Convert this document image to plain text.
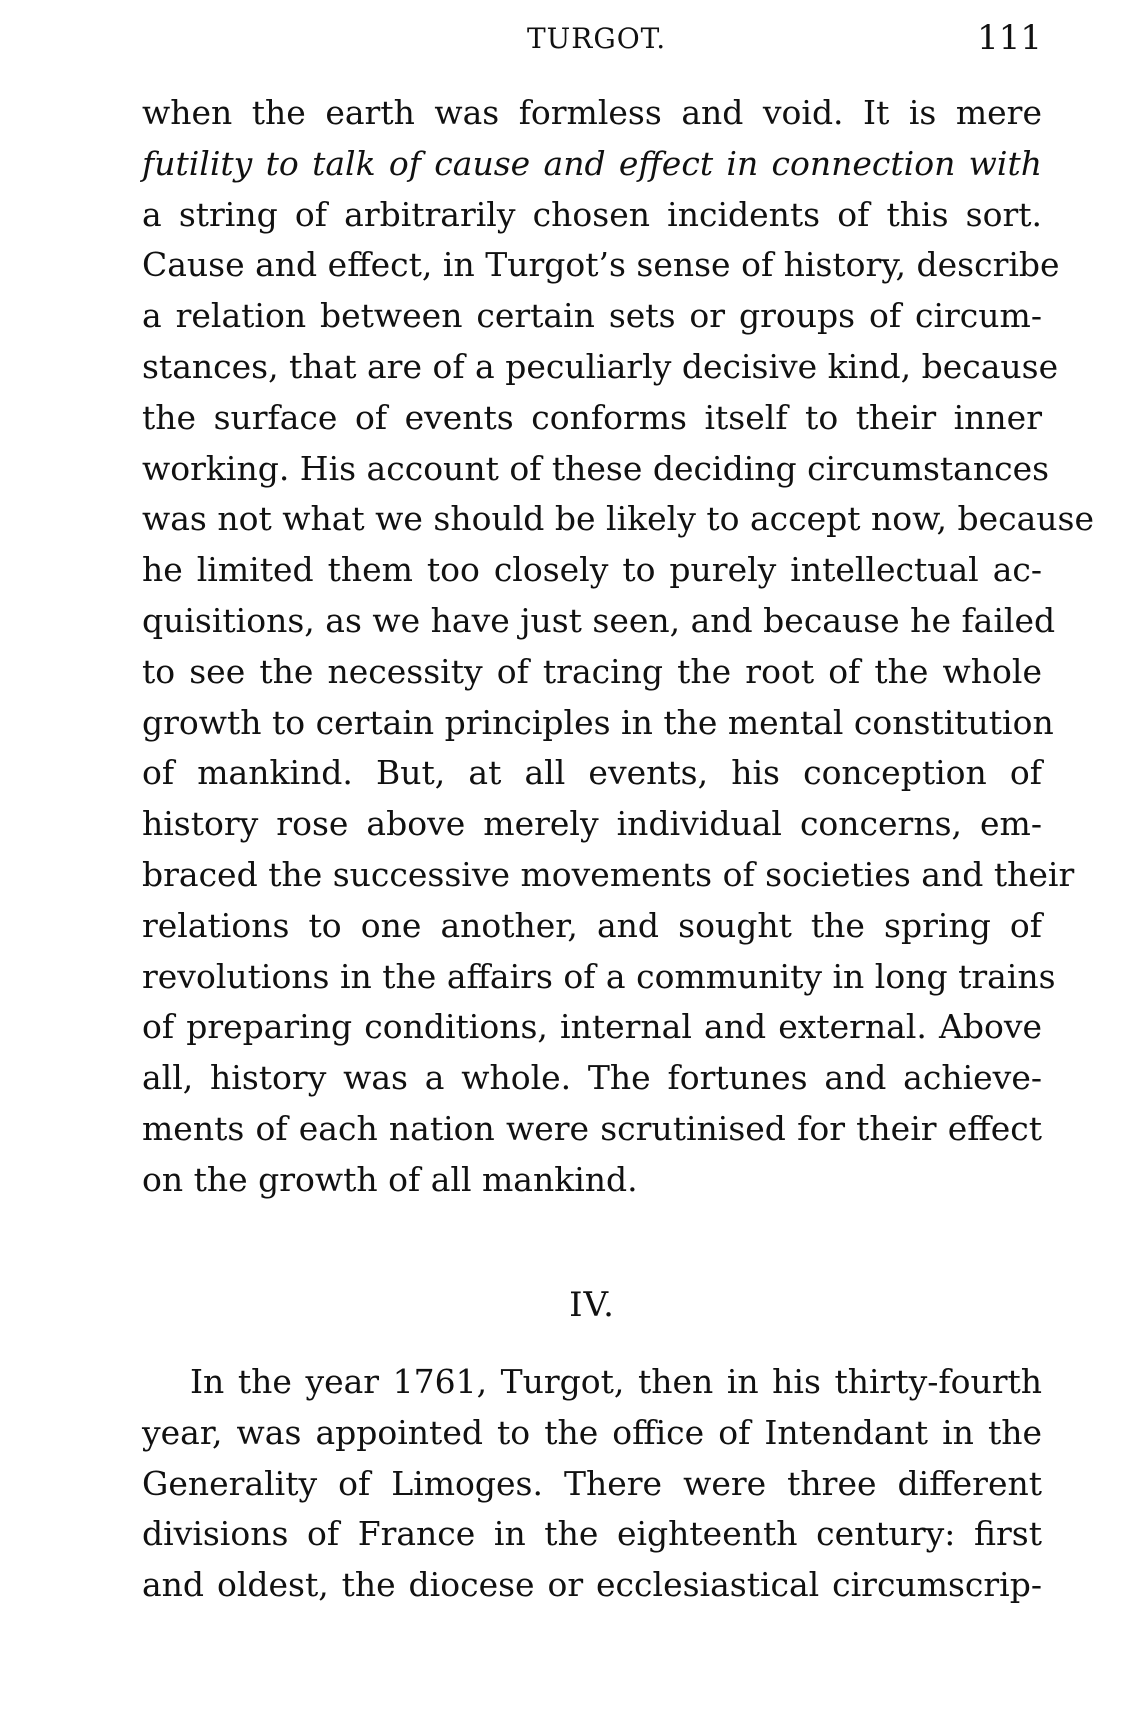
TURGOT.	111
when the earth was formless and void. It is mere
futility to talk of cause and effect in connection with
a string of arbitrarily chosen incidents of this sort.
Cause and effect, in Turgot’s sense of history, describe
a relation between certain sets or groups of circum-
stances, that are of a peculiarly decisive kind, because
the surface of events conforms itself to their inner
working. His account of these deciding circumstances
was not what we should be likely to accept now, because
he limited them too closely to purely intellectual ac-
quisitions, as we have just seen, and because he failed
to see the necessity of tracing the root of the whole
growth to certain principles in the mental constitution
of mankind. But, at all events, his conception of
history rose above merely individual concerns, em-
braced the successive movements of societies and their
relations to one another, and sought the spring of
revolutions in the affairs of a community in long trains
of preparing conditions, internal and external. Above
all, history was a whole. The fortunes and achieve-
ments of each nation were scrutinised for their effect
on the growth of all mankind.
IV.
In the year 1761, Turgot, then in his thirty-fourth
year, was appointed to the office of Intendant in the
Generality of Limoges. There were three different
divisions of France in the eighteenth century: first
and oldest, the diocese or ecclesiastical circumscrip-
